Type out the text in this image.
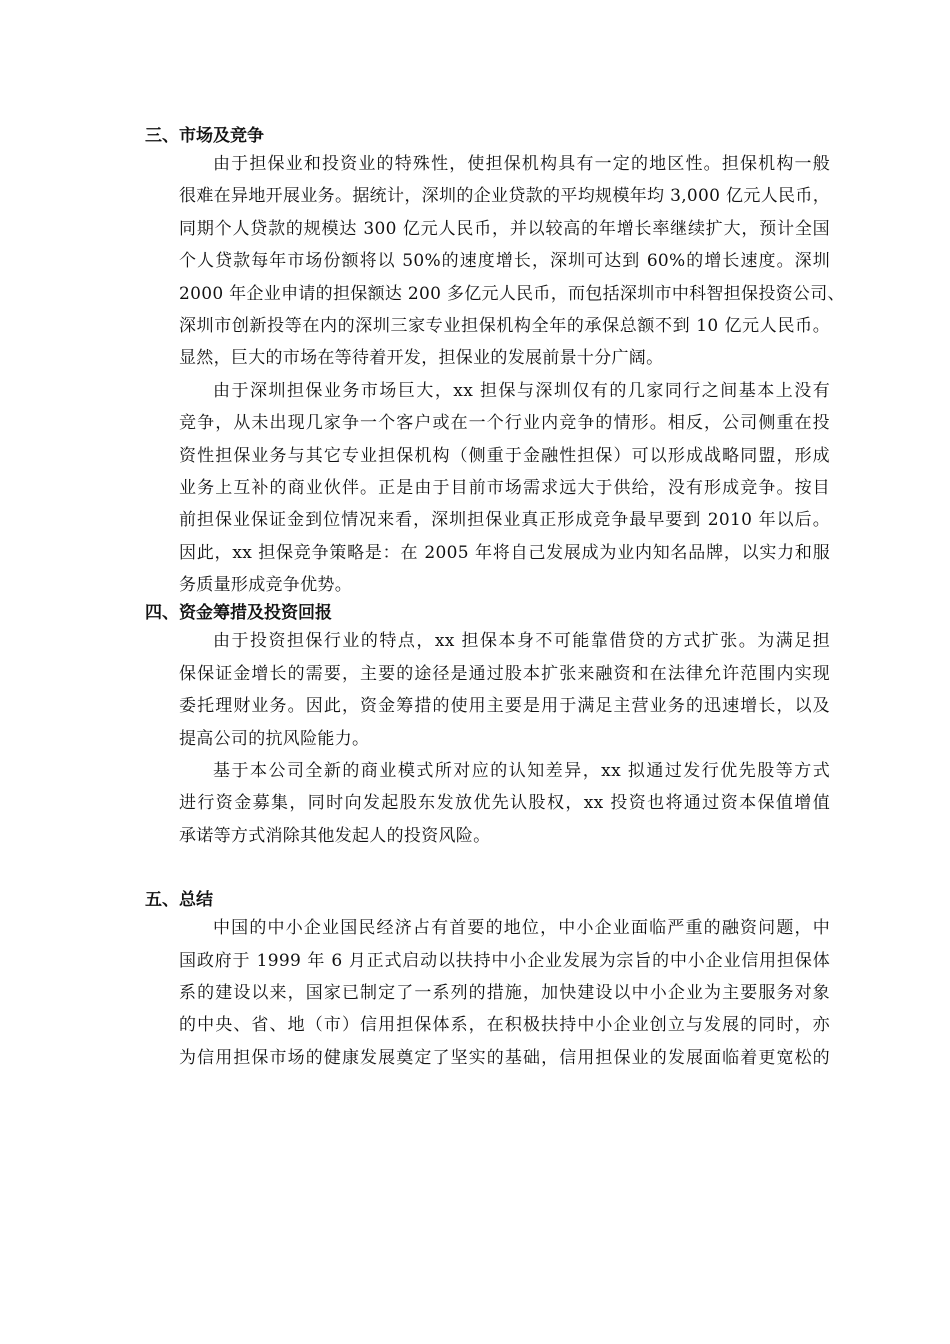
三、市场及竞争
由于担保业和投资业的特殊性，使担保机构具有一定的地区性。担保机构一般
很难在异地开展业务。据统计，深圳的企业贷款的平均规模年均 3,000 亿元人民币，
同期个人贷款的规模达 300 亿元人民币，并以较高的年增长率继续扩大，预计全国
个人贷款每年市场份额将以 50%的速度增长，深圳可达到 60%的增长速度。深圳
2000 年企业申请的担保额达 200 多亿元人民币，而包括深圳市中科智担保投资公司、
深圳市创新投等在内的深圳三家专业担保机构全年的承保总额不到 10 亿元人民币。
显然，巨大的市场在等待着开发，担保业的发展前景十分广阔。
由于深圳担保业务市场巨大，xx 担保与深圳仅有的几家同行之间基本上没有
竞争，从未出现几家争一个客户或在一个行业内竞争的情形。相反，公司侧重在投
资性担保业务与其它专业担保机构（侧重于金融性担保）可以形成战略同盟，形成
业务上互补的商业伙伴。正是由于目前市场需求远大于供给，没有形成竞争。按目
前担保业保证金到位情况来看，深圳担保业真正形成竞争最早要到 2010 年以后。
因此，xx 担保竞争策略是：在 2005 年将自己发展成为业内知名品牌，以实力和服
务质量形成竞争优势。
四、资金筹措及投资回报
由于投资担保行业的特点，xx 担保本身不可能靠借贷的方式扩张。为满足担
保保证金增长的需要，主要的途径是通过股本扩张来融资和在法律允许范围内实现
委托理财业务。因此，资金筹措的使用主要是用于满足主营业务的迅速增长，以及
提高公司的抗风险能力。
基于本公司全新的商业模式所对应的认知差异，xx 拟通过发行优先股等方式
进行资金募集，同时向发起股东发放优先认股权，xx 投资也将通过资本保值增值
承诺等方式消除其他发起人的投资风险。
五、总结
中国的中小企业国民经济占有首要的地位，中小企业面临严重的融资问题，中
国政府于 1999 年 6 月正式启动以扶持中小企业发展为宗旨的中小企业信用担保体
系的建设以来，国家已制定了一系列的措施，加快建设以中小企业为主要服务对象
的中央、省、地（市）信用担保体系，在积极扶持中小企业创立与发展的同时，亦
为信用担保市场的健康发展奠定了坚实的基础，信用担保业的发展面临着更宽松的
